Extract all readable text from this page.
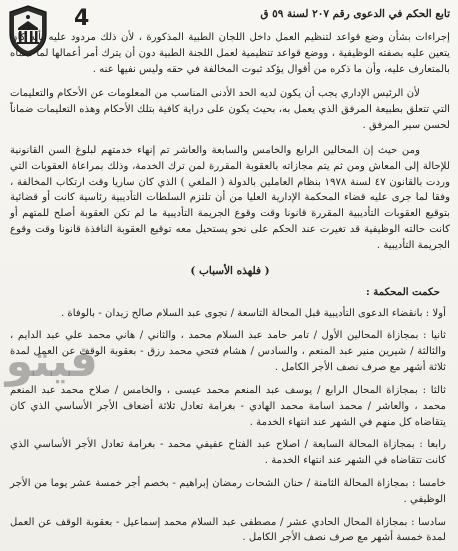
4	تابع الحكم في الدعوى رقم ٢٠٧ لسنة ٥٩ ق

إجراءات بشأن وضع قواعد لتنظيم العمل داخل اللجان الطبية المذكورة ، لأن ذلك مردود عليه بأنه كان يتعين عليه بصفته الوظيفية ، ووضع قواعد تنظيمية لعمل اللجنة الطبية دون أن يترك أمر أعمالها لما سماه بالمتعارف عليه، وأن ما ذكره من أقوال يؤكد ثبوت المخالفة في حقه وليس نفيها عنه .

لأن الرئيس الإداري يجب أن يكون لديه الحد الأدنى المناسب من المعلومات عن الأحكام والتعليمات التي تتعلق بطبيعة المرفق الذي يعمل به، بحيث يكون على دراية كافية بتلك الأحكام وهذه التعليمات ضماناً لحسن سير المرفق .

ومن حيث إن المحالين الرابع والخامس والسابعة والعاشر تم إنهاء خدمتهم لبلوغ السن القانونية للإحالة إلى المعاش ومن ثم يتم مجازاته بالعقوبة المقررة لمن ترك الخدمة، وذلك بمراعاة العقوبات التي وردت بالقانون ٤٧ لسنة ١٩٧٨ بنظام العاملين بالدولة ( الملغي ) الذي كان ساريا وقت ارتكاب المخالفة ، وفقا لما جرى عليه قضاء المحكمة الإدارية العليا من أن تلتزم السلطات التأديبية رئاسية كانت أو قضائية بتوقيع العقوبات التأديبية المقررة قانونا وقت وقوع الجريمة التأديبية ما لم تكن العقوبة أصلح للمتهم أو كانت حالته الوظيفية قد تغيرت عند الحكم على نحو يستحيل معه توقيع العقوبة النافذة قانونا وقت وقوع الجريمة التأديبية .

( فلهذه الأسباب )
حكمت المحكمة :

أولا : بانقضاء الدعوى التأديبية قبل المحالة التاسعة / نجوى عبد السلام صالح زيدان - بالوفاة .

ثانيا : بمجازاة المحالين الأول / تامر حامد عبد السلام محمد ، والثاني / هاني محمد علي عبد الدايم ، والثالثة / شيرين منير عبد المنعم ، والسادس / هشام فتحي محمد رزق - بعقوبة الوقف عن العمل لمدة ثلاثة أشهر مع صرف نصف الأجر الكامل .

ثالثا : بمجازاة المحال الرابع / يوسف عبد المنعم محمد عيسى ، والخامس / صلاح محمد عبد المنعم محمد ، والعاشر / محمد اسامة محمد الهادي - بغرامة تعادل ثلاثة أضعاف الأجر الأساسي الذي كان يتقاضاه كل منهم في الشهر عند انتهاء الخدمة .

رابعا : بمجازاة المحالة السابعة / اصلاح عبد الفتاح عفيفي محمد - بغرامة تعادل الأجر الأساسي الذي كانت تتقاضاه في الشهر عند انتهاء الخدمة .

خامسا : بمجازاة المحالة الثامنة / حنان الشحات رمضان إبراهيم - بخصم أجر خمسة عشر يوما من الأجر الوظيفي .

سادسا : بمجازاة المحال الحادي عشر / مصطفى عبد السلام محمد إسماعيل - بعقوبة الوقف عن العمل لمدة خمسة أشهر مع صرف نصف الأجر الكامل .

فيتو
